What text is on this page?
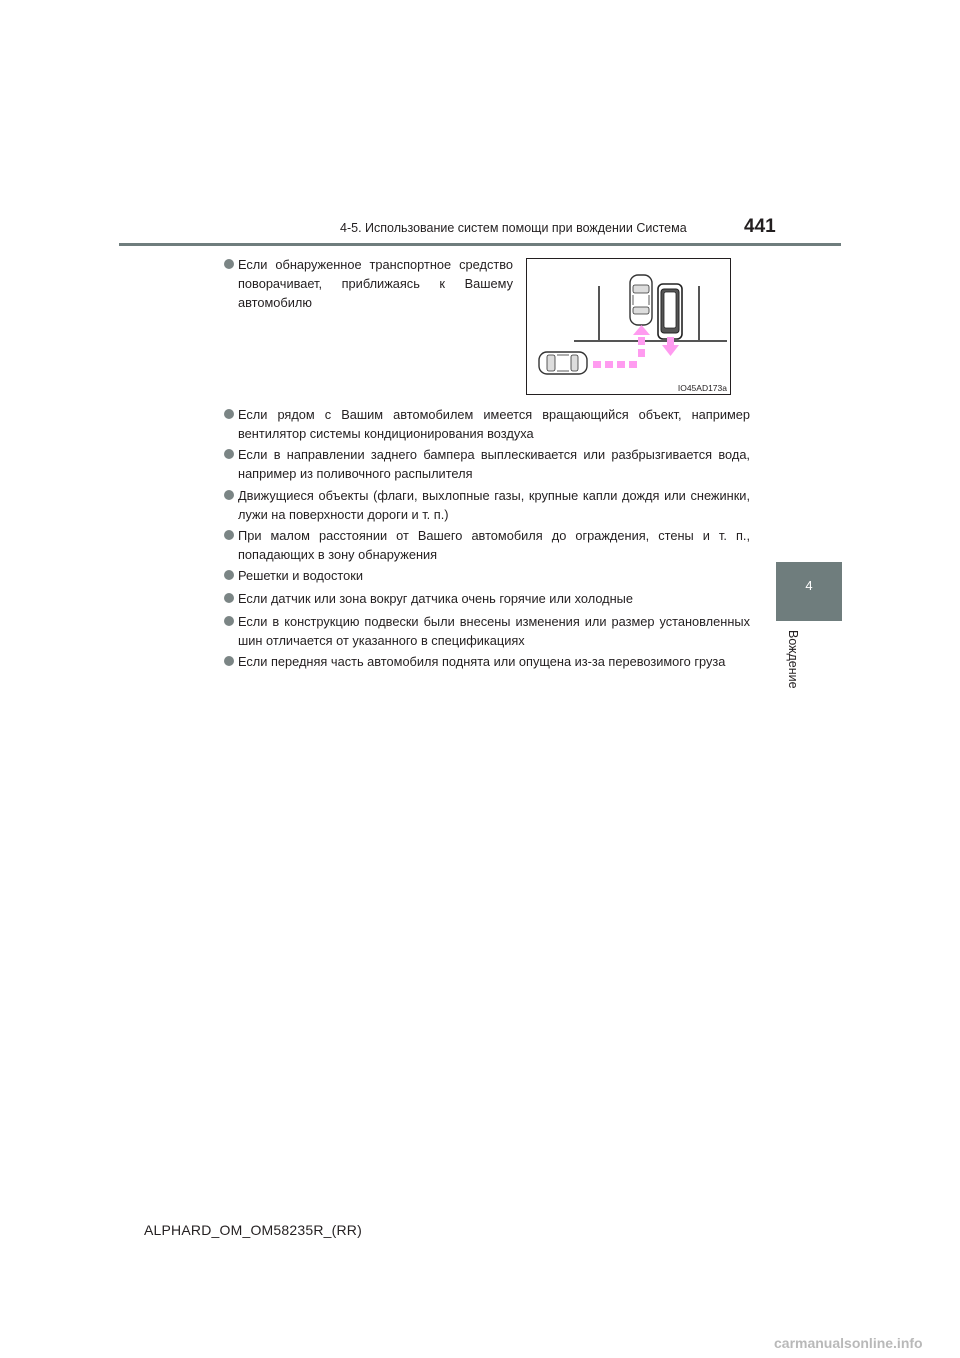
4-5. Использование систем помощи при вождении Система	441
4
Вождение
Если обнаруженное транспортное средство поворачивает, приближаясь к Вашему автомобилю
IO45AD173a
Если рядом с Вашим автомобилем имеется вращающийся объект, например вентилятор системы кондиционирования воздуха
Если в направлении заднего бампера выплескивается или разбрызгивается вода, например из поливочного распылителя
Движущиеся объекты (флаги, выхлопные газы, крупные капли дождя или снежинки, лужи на поверхности дороги и т. п.)
При малом расстоянии от Вашего автомобиля до ограждения, стены и т. п., попадающих в зону обнаружения
Решетки и водостоки
Если датчик или зона вокруг датчика очень горячие или холодные
Если в конструкцию подвески были внесены изменения или размер установленных шин отличается от указанного в спецификациях
Если передняя часть автомобиля поднята или опущена из-за перевозимого груза
ALPHARD_OM_OM58235R_(RR)
carmanualsonline.info
